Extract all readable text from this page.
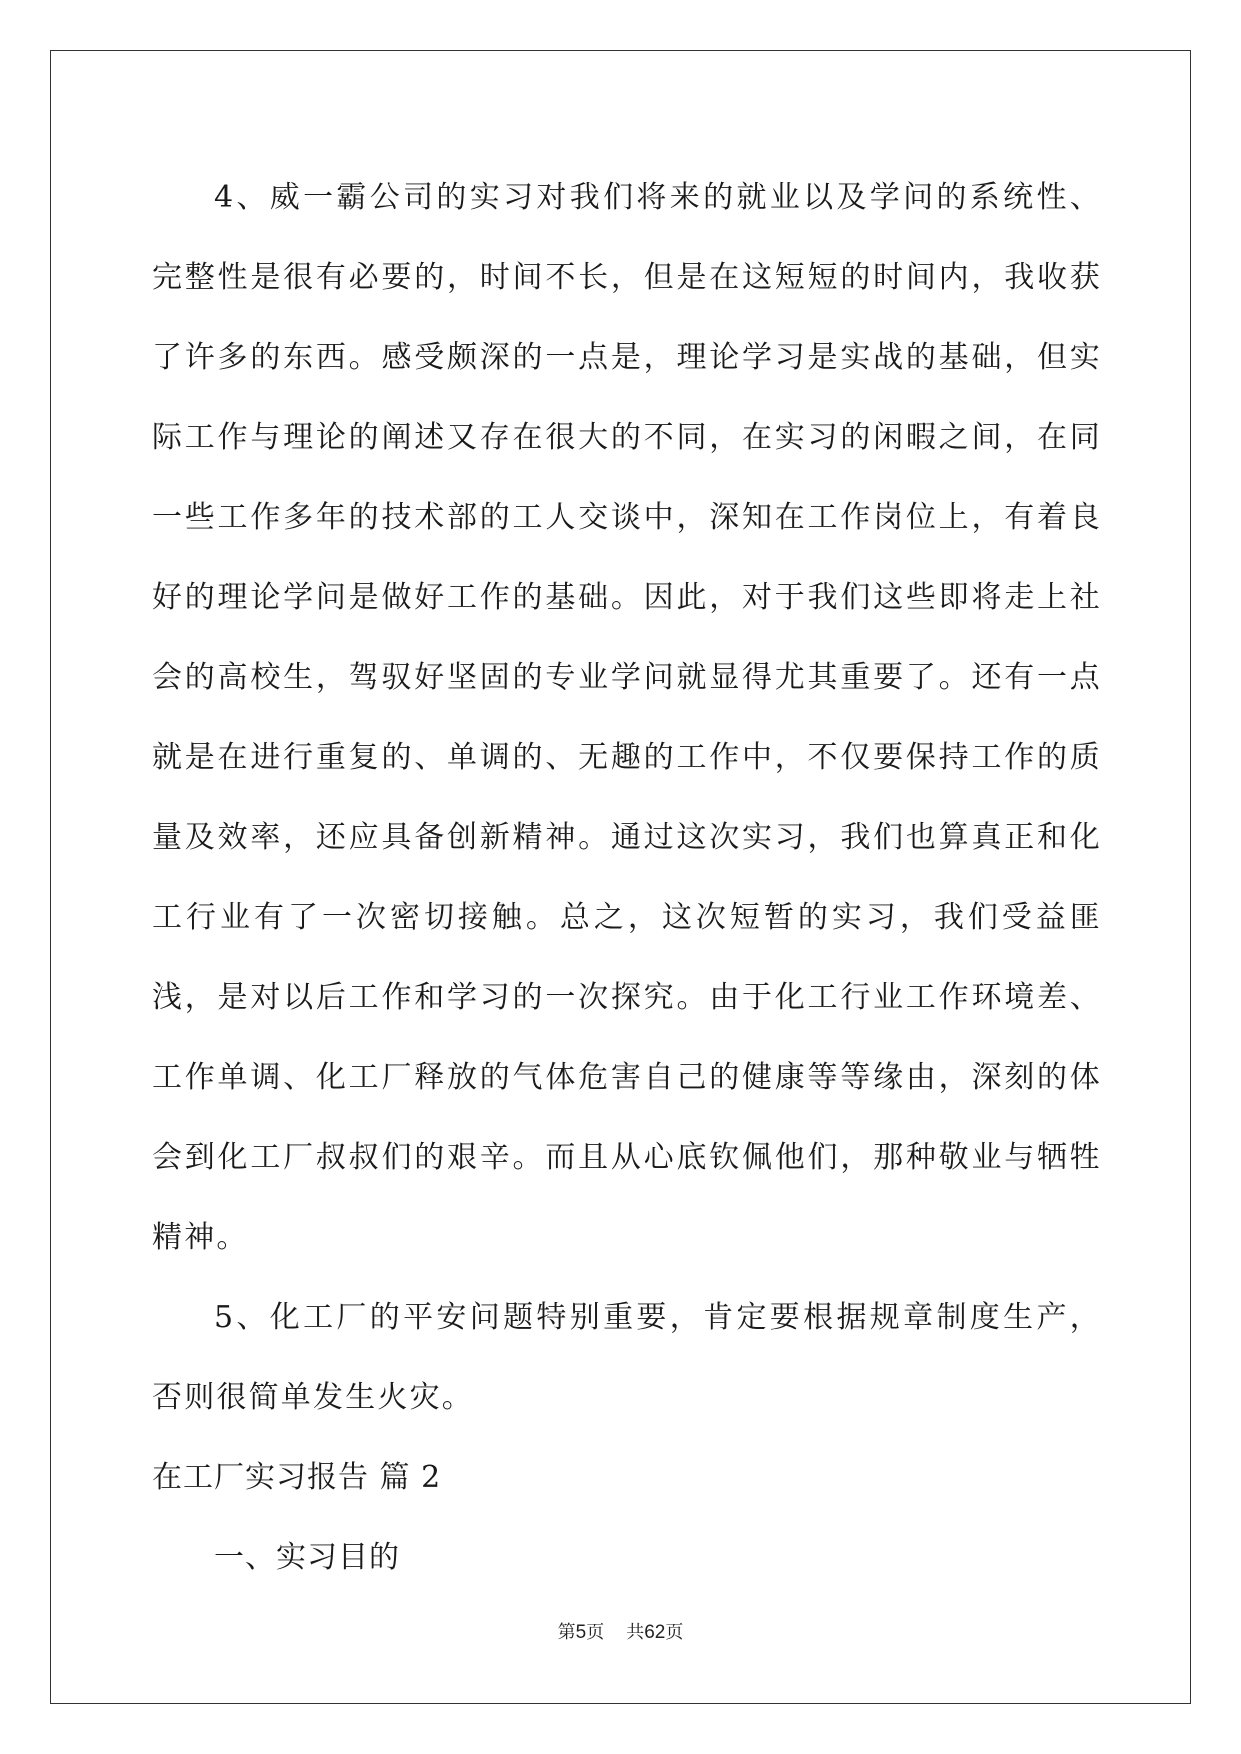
4、威一霸公司的实习对我们将来的就业以及学问的系统性、完整性是很有必要的，时间不长，但是在这短短的时间内，我收获了许多的东西。感受颇深的一点是，理论学习是实战的基础，但实际工作与理论的阐述又存在很大的不同，在实习的闲暇之间，在同一些工作多年的技术部的工人交谈中，深知在工作岗位上，有着良好的理论学问是做好工作的基础。因此，对于我们这些即将走上社会的高校生，驾驭好坚固的专业学问就显得尤其重要了。还有一点就是在进行重复的、单调的、无趣的工作中，不仅要保持工作的质量及效率，还应具备创新精神。通过这次实习，我们也算真正和化工行业有了一次密切接触。总之，这次短暂的实习，我们受益匪浅，是对以后工作和学习的一次探究。由于化工行业工作环境差、工作单调、化工厂释放的气体危害自己的健康等等缘由，深刻的体会到化工厂叔叔们的艰辛。而且从心底钦佩他们，那种敬业与牺牲精神。

5、化工厂的平安问题特别重要，肯定要根据规章制度生产，否则很简单发生火灾。

在工厂实习报告 篇 2

一、实习目的

第5页 共62页
